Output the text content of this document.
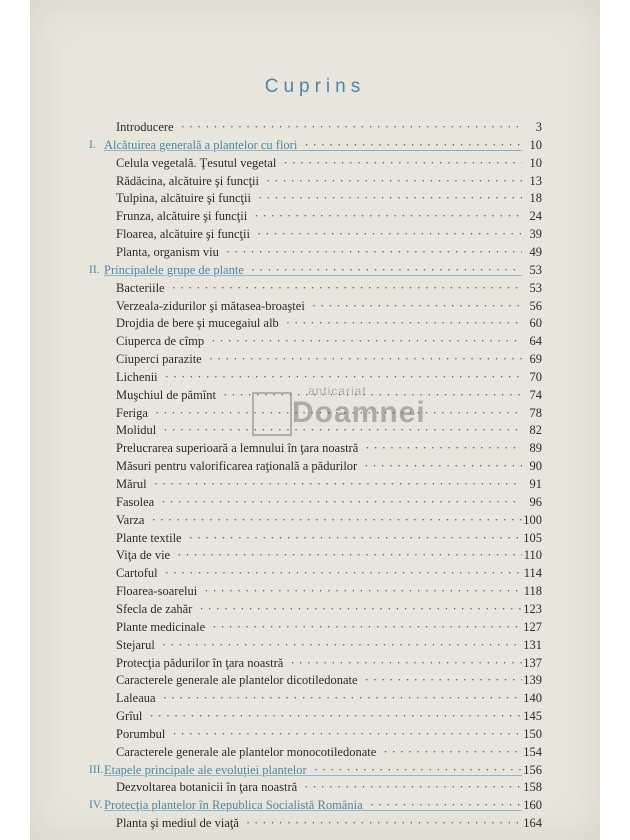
Cuprins
anticariat
Doamnei
Introducere ·····	3
I. Alcătuirea generală a plantelor cu flori ·····	10
Celula vegetală. Ţesutul vegetal ·····	10
Rădăcina, alcătuire şi funcţii ·····	13
Tulpina, alcătuire şi funcţii ·····	18
Frunza, alcătuire şi funcţii ·····	24
Floarea, alcătuire şi funcţii ·····	39
Planta, organism viu ·····	49
II. Principalele grupe de plante ·····	53
Bacteriile ·····	53
Verzeala-zidurilor şi mătasea-broaştei ·····	56
Drojdia de bere şi mucegaiul alb ·····	60
Ciuperca de cîmp ·····	64
Ciuperci parazite ·····	69
Lichenii ·····	70
Muşchiul de pămînt ·····	74
Feriga ·····	78
Molidul ·····	82
Prelucrarea superioară a lemnului în ţara noastră ·····	89
Măsuri pentru valorificarea raţională a pădurilor ·····	90
Mărul ·····	91
Fasolea ·····	96
Varza ·····	100
Plante textile ·····	105
Viţa de vie ·····	110
Cartoful ·····	114
Floarea-soarelui ·····	118
Sfecla de zahăr ·····	123
Plante medicinale ·····	127
Stejarul ·····	131
Protecţia pădurilor în ţara noastră ·····	137
Caracterele generale ale plantelor dicotiledonate ·····	139
Laleaua ·····	140
Grîul ·····	145
Porumbul ·····	150
Caracterele generale ale plantelor monocotiledonate ·····	154
III. Etapele principale ale evoluţiei plantelor ·····	156
Dezvoltarea botanicii în ţara noastră ·····	158
IV. Protecţia plantelor în Republica Socialistă România ·····	160
Planta şi mediul de viaţă ·····	164
